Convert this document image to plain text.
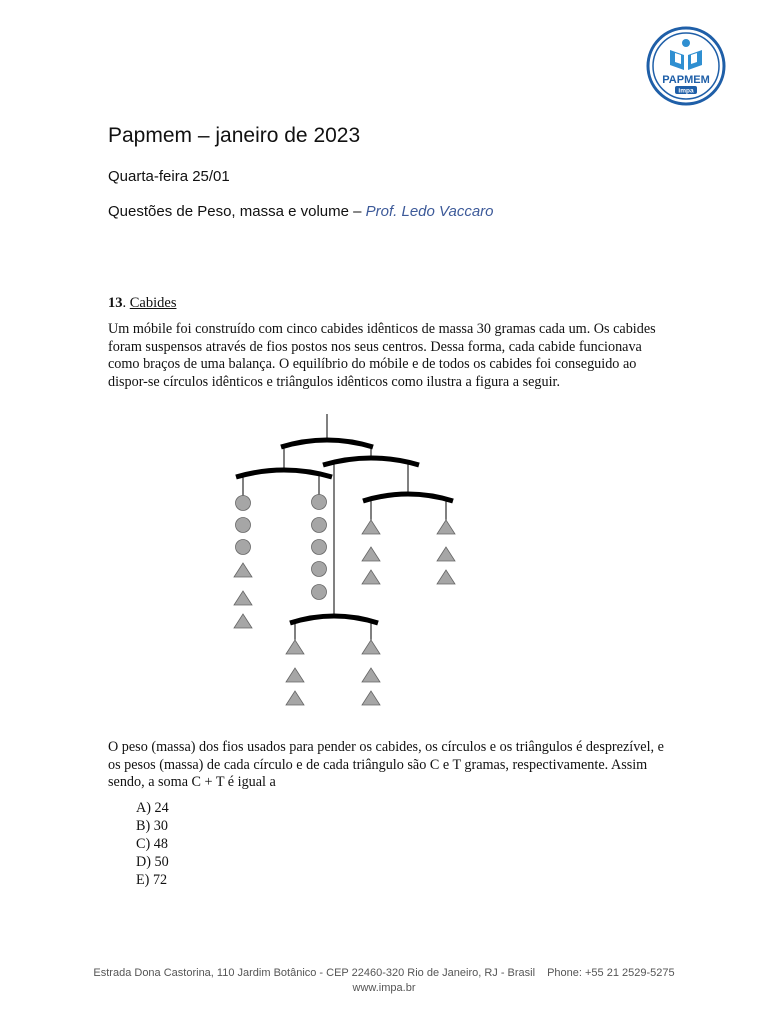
PAPMEM
impa
Papmem – janeiro de 2023
Quarta-feira 25/01
Questões de Peso, massa e volume – Prof. Ledo Vaccaro
13. Cabides

Um móbile foi construído com cinco cabides idênticos de massa 30 gramas cada um. Os cabides foram suspensos através de fios postos nos seus centros. Dessa forma, cada cabide funcionava como braços de uma balança. O equilíbrio do móbile e de todos os cabides foi conseguido ao dispor-se círculos idênticos e triângulos idênticos como ilustra a figura a seguir.

O peso (massa) dos fios usados para pender os cabides, os círculos e os triângulos é desprezível, e os pesos (massa) de cada círculo e de cada triângulo são C e T gramas, respectivamente. Assim sendo, a soma C + T é igual a

A) 24
B) 30
C) 48
D) 50
E) 72
Estrada Dona Castorina, 110 Jardim Botânico - CEP 22460-320 Rio de Janeiro, RJ - Brasil Phone: +55 21 2529-5275
www.impa.br
